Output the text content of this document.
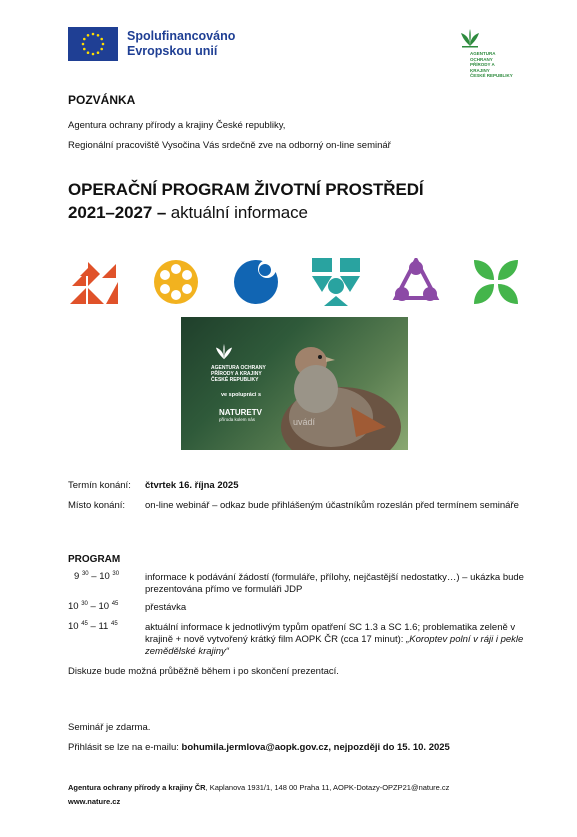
Spolufinancováno
Evropskou unií	AGENTURA OCHRANY
PŘÍRODY A KRAJINY
ČESKÉ REPUBLIKY
POZVÁNKA
Agentura ochrany přírody a krajiny České republiky,
Regionální pracoviště Vysočina Vás srdečně zve na odborný on-line seminář
OPERAČNÍ PROGRAM ŽIVOTNÍ PROSTŘEDÍ
2021–2027 – aktuální informace
AGENTURA OCHRANY
PŘÍRODY A KRAJINY
ČESKÉ REPUBLIKY
ve spolupráci s
NATURETV
příroda kolem nás	uvádí
Termín konání: čtvrtek 16. října 2025
Místo konání: on-line webinář – odkaz bude přihlášeným účastníkům rozeslán před termínem semináře
PROGRAM
9 $^{30}$ – 10 $^{30}$	informace k podávání žádostí (formuláře, přílohy, nejčastější nedostatky…) – ukázka bude prezentována přímo ve formuláři JDP
10 $^{30}$ – 10 $^{45}$	přestávka
10 $^{45}$ – 11 $^{45}$	aktuální informace k jednotlivým typům opatření SC 1.3 a SC 1.6; problematika zeleně v krajině + nově vytvořený krátký film AOPK ČR (cca 17 minut): „Koroptev polní v ráji i pekle zemědělské krajiny“
Diskuze bude možná průběžně během i po skončení prezentací.
Seminář je zdarma.
Přihlásit se lze na e-mailu: bohumila.jermlova@aopk.gov.cz, nejpozději do 15. 10. 2025
Agentura ochrany přírody a krajiny ČR, Kaplanova 1931/1, 148 00 Praha 11, AOPK-Dotazy-OPZP21@nature.cz
www.nature.cz
